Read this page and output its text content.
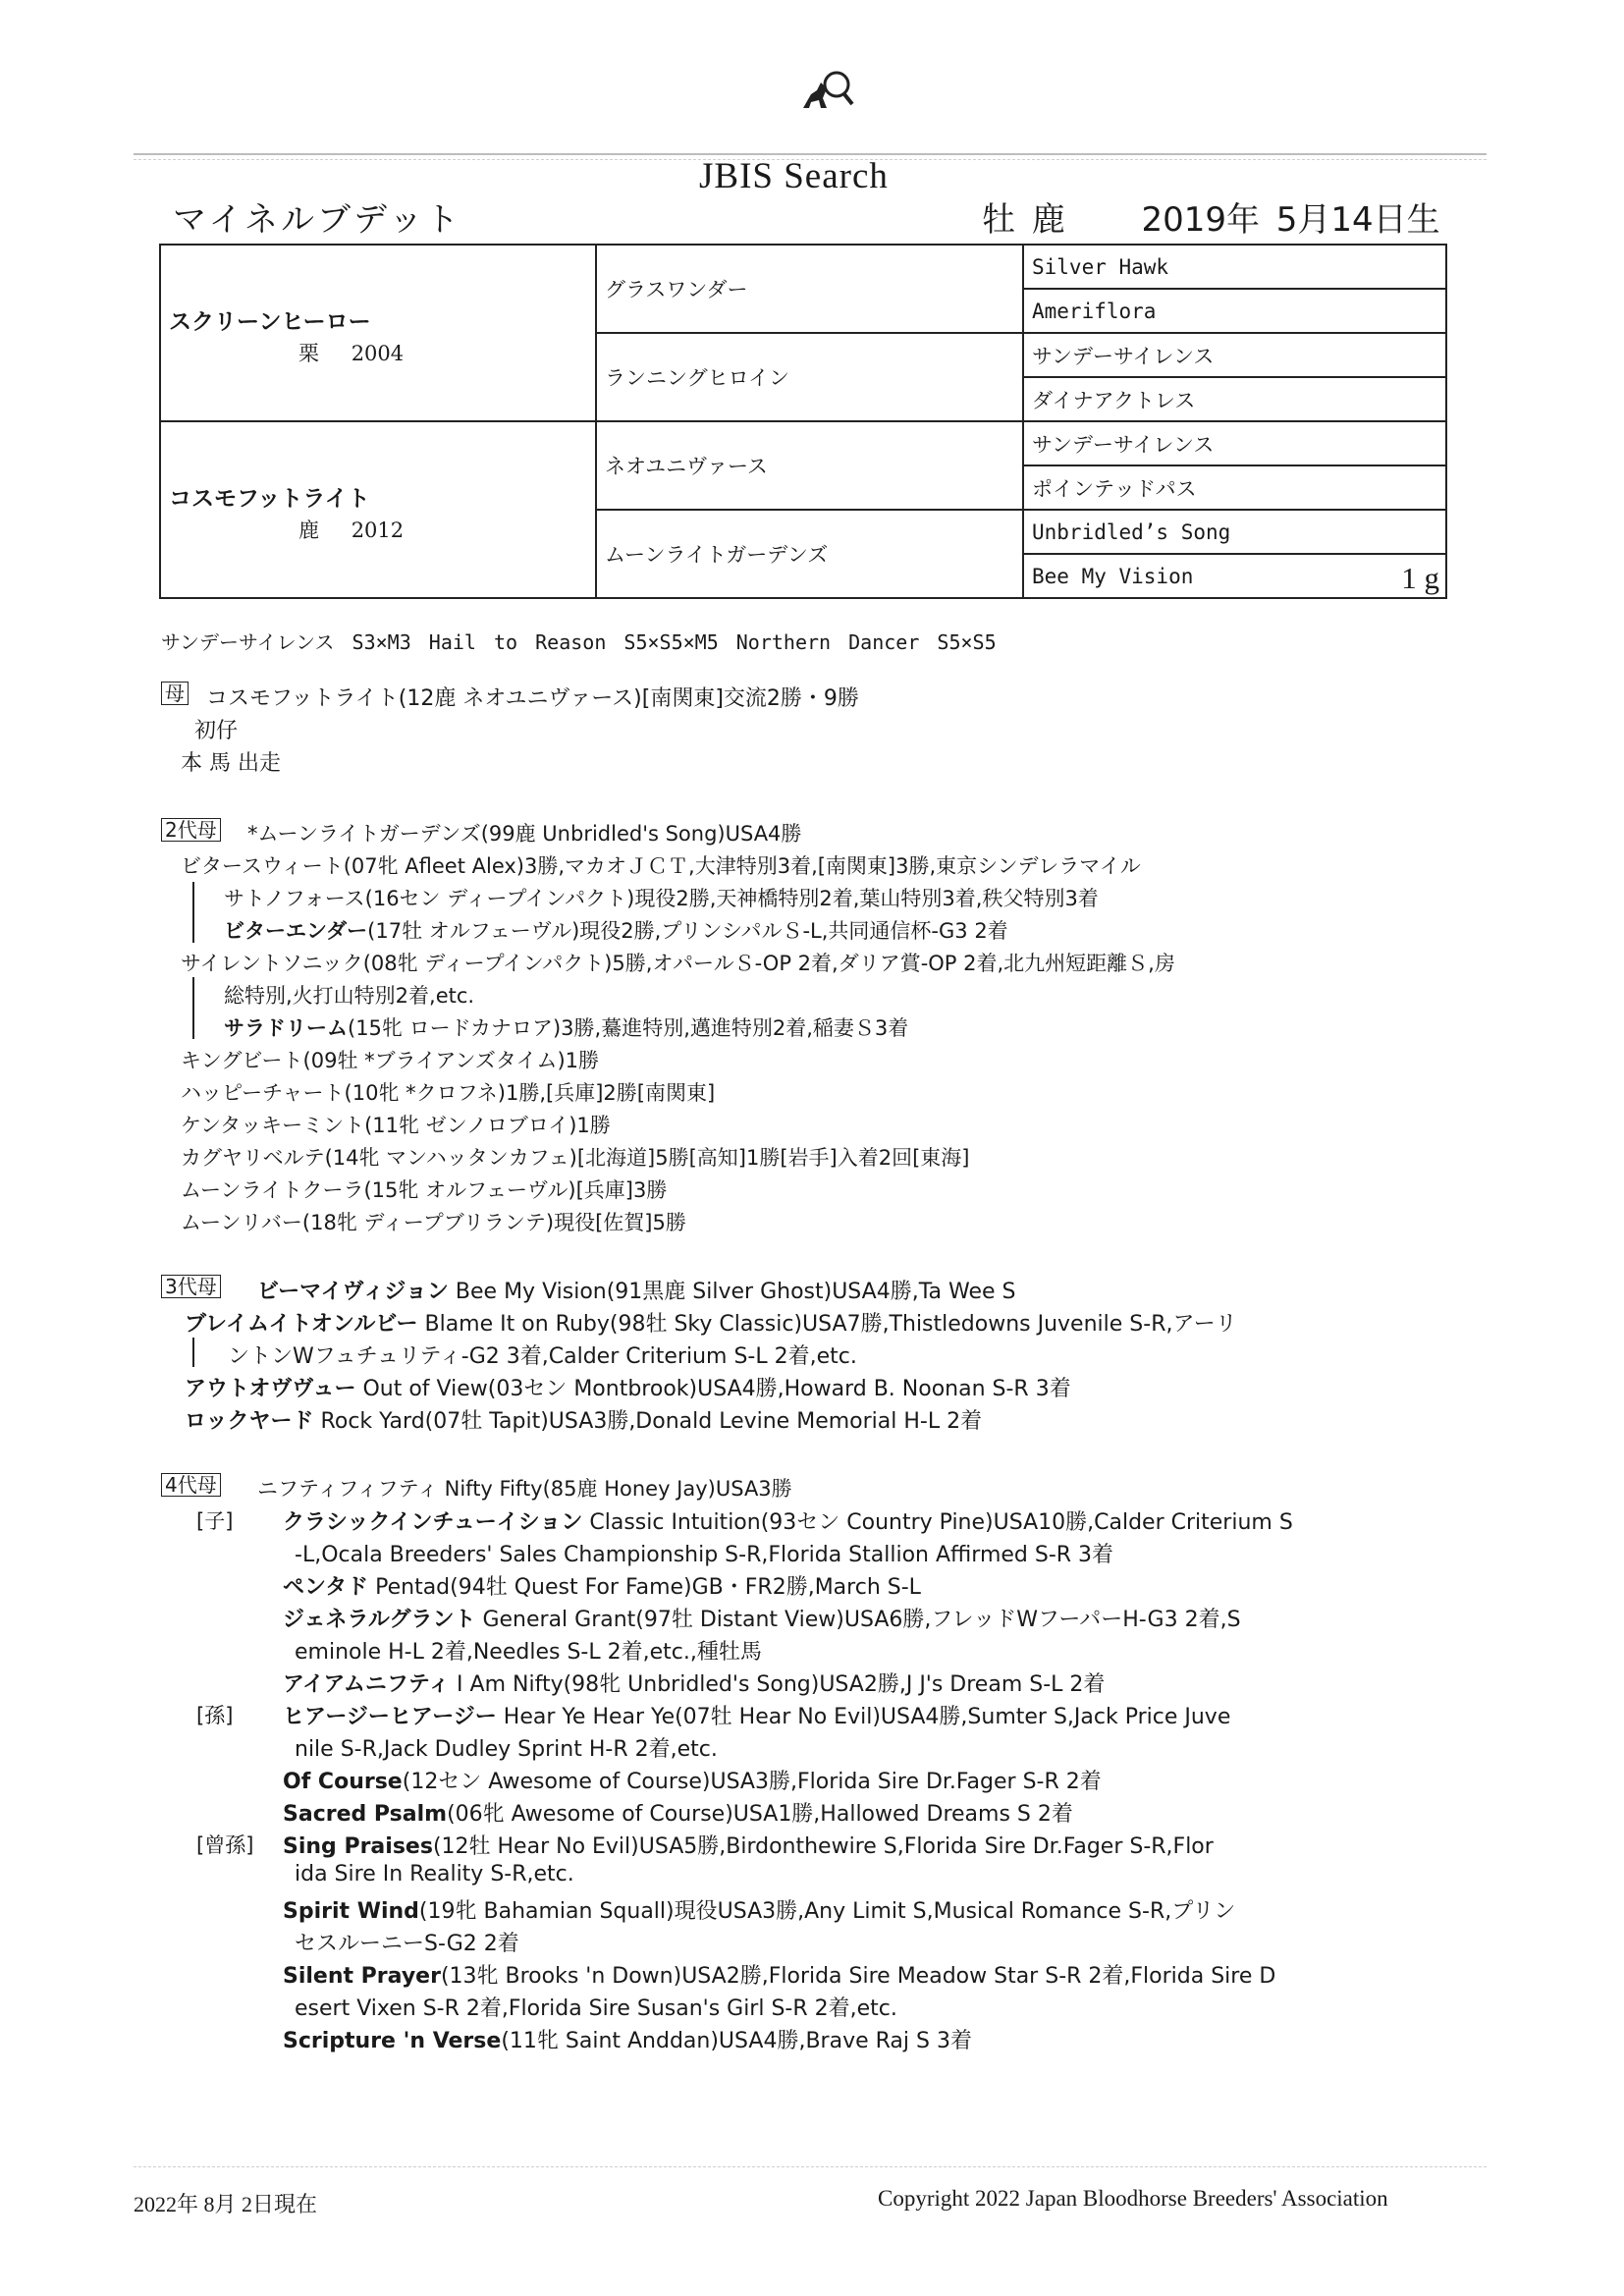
JBIS Search
マイネルブデット	牡 鹿 2019年 5月14日生
スクリーンヒーロー
栗 2004	グラスワンダー	Silver Hawk
		Ameriflora
	ランニングヒロイン	サンデーサイレンス
		ダイナアクトレス

コスモフットライト
鹿 2012	ネオユニヴァース	サンデーサイレンス
		ポインテッドパス
	ムーンライトガーデンズ	Unbridled’s Song
		Bee My Vision 1 g
サンデーサイレンス S3×M3 Hail to Reason S5×S5×M5 Northern Dancer S5×S5
母	コスモフットライト(12鹿 ネオユニヴァース)[南関東]交流2勝・9勝
初仔
本 馬 出走
2代母	*ムーンライトガーデンズ(99鹿 Unbridled's Song)USA4勝
ビタースウィート(07牝 Afleet Alex)3勝,マカオＪＣＴ,大津特別3着,[南関東]3勝,東京シンデレラマイル
サトノフォース(16セン ディープインパクト)現役2勝,天神橋特別2着,葉山特別3着,秩父特別3着
ビターエンダー(17牡 オルフェーヴル)現役2勝,プリンシパルＳ-L,共同通信杯-G3 2着
サイレントソニック(08牝 ディープインパクト)5勝,オパールＳ-OP 2着,ダリア賞-OP 2着,北九州短距離Ｓ,房
総特別,火打山特別2着,etc.
サラドリーム(15牝 ロードカナロア)3勝,驀進特別,邁進特別2着,稲妻Ｓ3着
キングビート(09牡 *ブライアンズタイム)1勝
ハッピーチャート(10牝 *クロフネ)1勝,[兵庫]2勝[南関東]
ケンタッキーミント(11牝 ゼンノロブロイ)1勝
カグヤリベルテ(14牝 マンハッタンカフェ)[北海道]5勝[高知]1勝[岩手]入着2回[東海]
ムーンライトクーラ(15牝 オルフェーヴル)[兵庫]3勝
ムーンリバー(18牝 ディープブリランテ)現役[佐賀]5勝
3代母	ビーマイヴィジョン Bee My Vision(91黒鹿 Silver Ghost)USA4勝,Ta Wee S
ブレイムイトオンルビー Blame It on Ruby(98牡 Sky Classic)USA7勝,Thistledowns Juvenile S-R,アーリ
ントンWフュチュリティ-G2 3着,Calder Criterium S-L 2着,etc.
アウトオヴヴュー Out of View(03セン Montbrook)USA4勝,Howard B. Noonan S-R 3着
ロックヤード Rock Yard(07牡 Tapit)USA3勝,Donald Levine Memorial H-L 2着
4代母	ニフティフィフティ Nifty Fifty(85鹿 Honey Jay)USA3勝
[子] クラシックインチューイション Classic Intuition(93セン Country Pine)USA10勝,Calder Criterium S
-L,Ocala Breeders' Sales Championship S-R,Florida Stallion Affirmed S-R 3着
ペンタド Pentad(94牡 Quest For Fame)GB・FR2勝,March S-L
ジェネラルグラント General Grant(97牡 Distant View)USA6勝,フレッドWフーパーH-G3 2着,S
eminole H-L 2着,Needles S-L 2着,etc.,種牡馬
アイアムニフティ I Am Nifty(98牝 Unbridled's Song)USA2勝,J J's Dream S-L 2着
[孫] ヒアージーヒアージー Hear Ye Hear Ye(07牡 Hear No Evil)USA4勝,Sumter S,Jack Price Juve
nile S-R,Jack Dudley Sprint H-R 2着,etc.
Of Course(12セン Awesome of Course)USA3勝,Florida Sire Dr.Fager S-R 2着
Sacred Psalm(06牝 Awesome of Course)USA1勝,Hallowed Dreams S 2着
[曾孫] Sing Praises(12牡 Hear No Evil)USA5勝,Birdonthewire S,Florida Sire Dr.Fager S-R,Flor
ida Sire In Reality S-R,etc.
Spirit Wind(19牝 Bahamian Squall)現役USA3勝,Any Limit S,Musical Romance S-R,プリン
セスルーニーS-G2 2着
Silent Prayer(13牝 Brooks 'n Down)USA2勝,Florida Sire Meadow Star S-R 2着,Florida Sire D
esert Vixen S-R 2着,Florida Sire Susan's Girl S-R 2着,etc.
Scripture 'n Verse(11牝 Saint Anddan)USA4勝,Brave Raj S 3着
2022年 8月 2日現在	Copyright 2022 Japan Bloodhorse Breeders' Association
